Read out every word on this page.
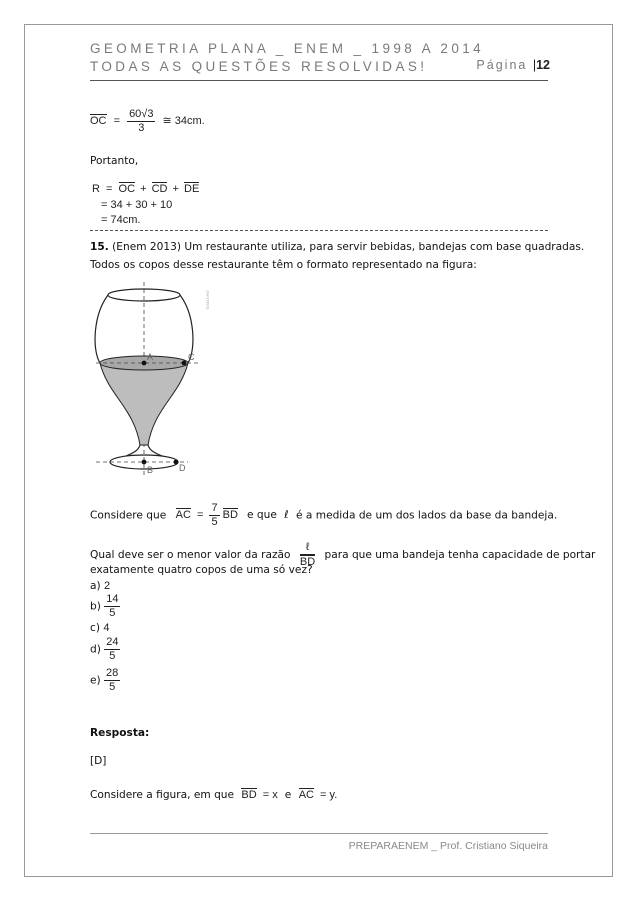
GEOMETRIA PLANA _ ENEM _ 1998 A 2014
TODAS AS QUESTÕES RESOLVIDAS!	Página |12
OC = $\frac{60√3}{3}$ ≅ 34cm.
Portanto,
R = OC + CD + DE
= 34 + 30 + 10
= 74cm.
15. (Enem 2013) Um restaurante utiliza, para servir bebidas, bandejas com base quadradas.
Todos os copos desse restaurante têm o formato representado na figura:
A	C
B	D
TAMANHO
Considere que AC = $\frac{7}{5}$ BD e que ℓ é a medida de um dos lados da base da bandeja.
Qual deve ser o menor valor da razão $\frac{\text{ℓ}}{BD}$ para que uma bandeja tenha capacidade de portar
exatamente quatro copos de uma só vez?
a) 2
$b) \frac{14}{5}$
c) 4
$d) \frac{24}{5}$
$e) \frac{28}{5}$
Resposta:
[D]
Considere a figura, em que BD = x e AC = y.
PREPARAENEM _ Prof. Cristiano Siqueira
